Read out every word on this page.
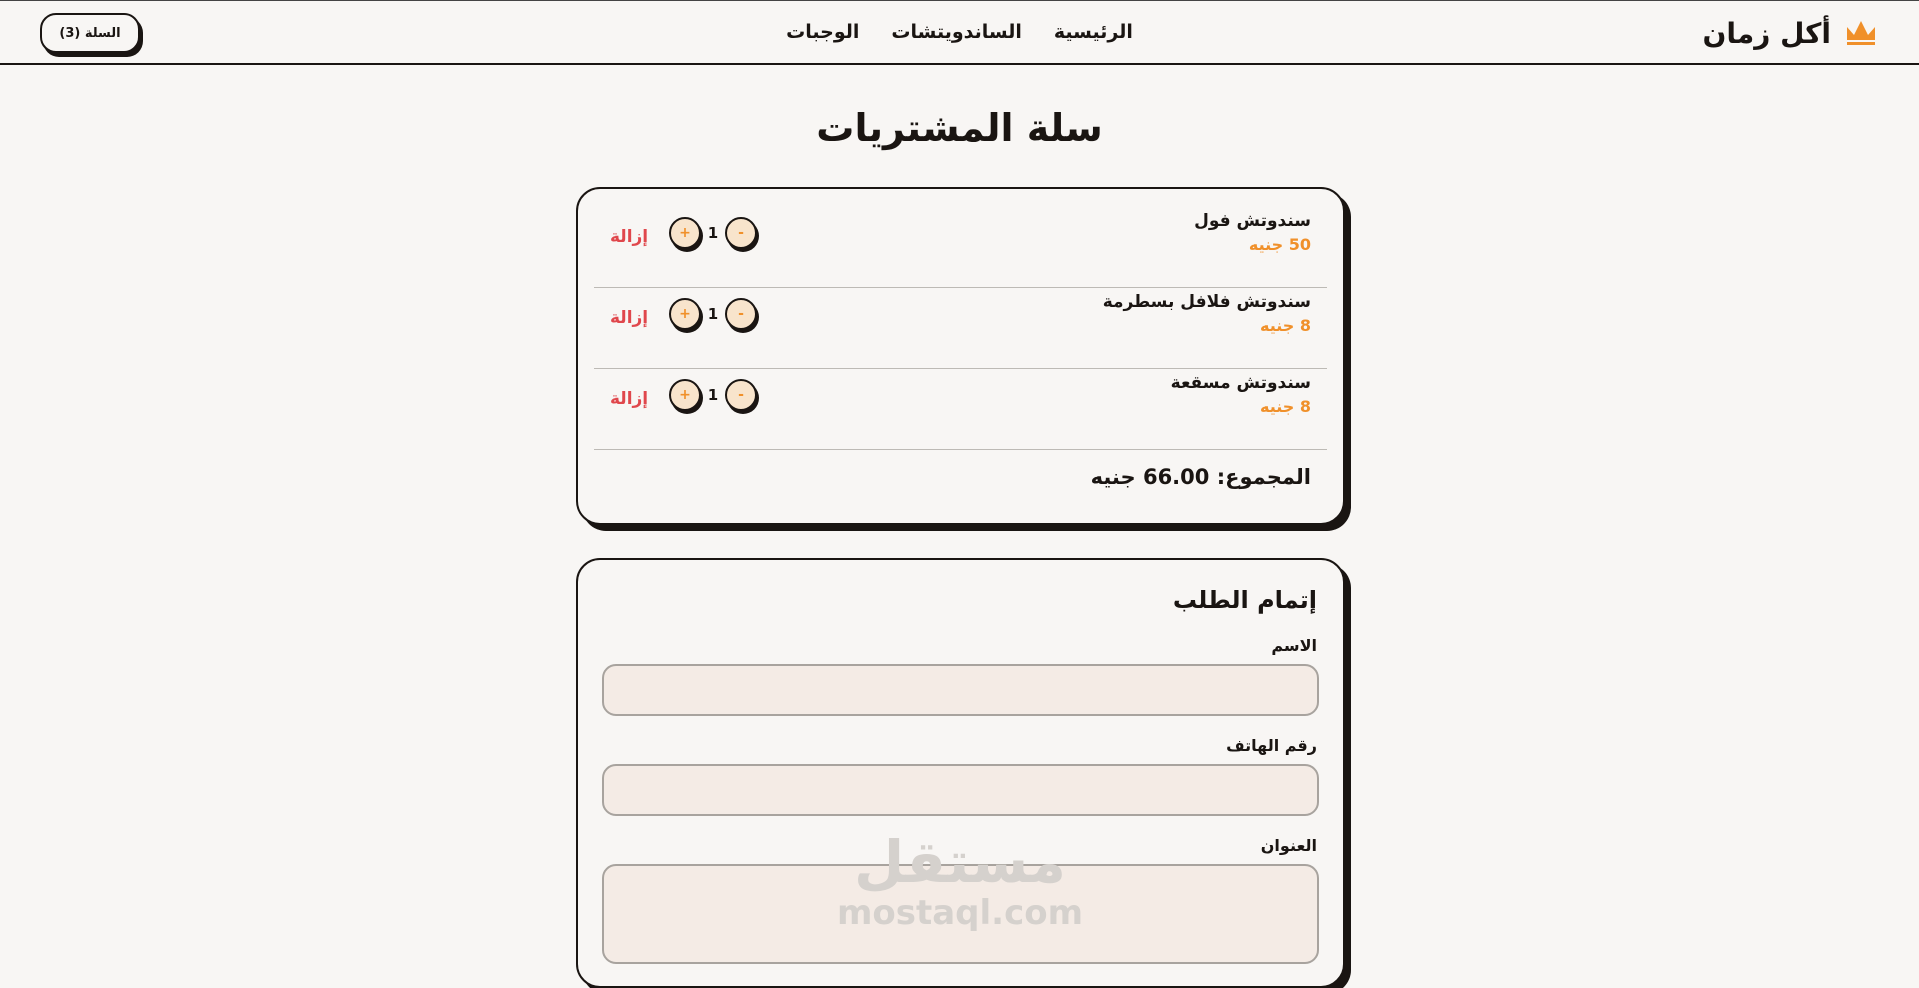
أكل زمان
الرئيسية
الساندويتشات
الوجبات
السلة (3)
سلة المشتريات
سندوتش فول
50 جنيه
+	1	-
إزالة
سندوتش فلافل بسطرمة
8 جنيه
+	1	-
إزالة
سندوتش مسقعة
8 جنيه
+	1	-
إزالة
المجموع: 66.00 جنيه
إتمام الطلب
الاسم
رقم الهاتف
العنوان
مستقل
mostaql.com
